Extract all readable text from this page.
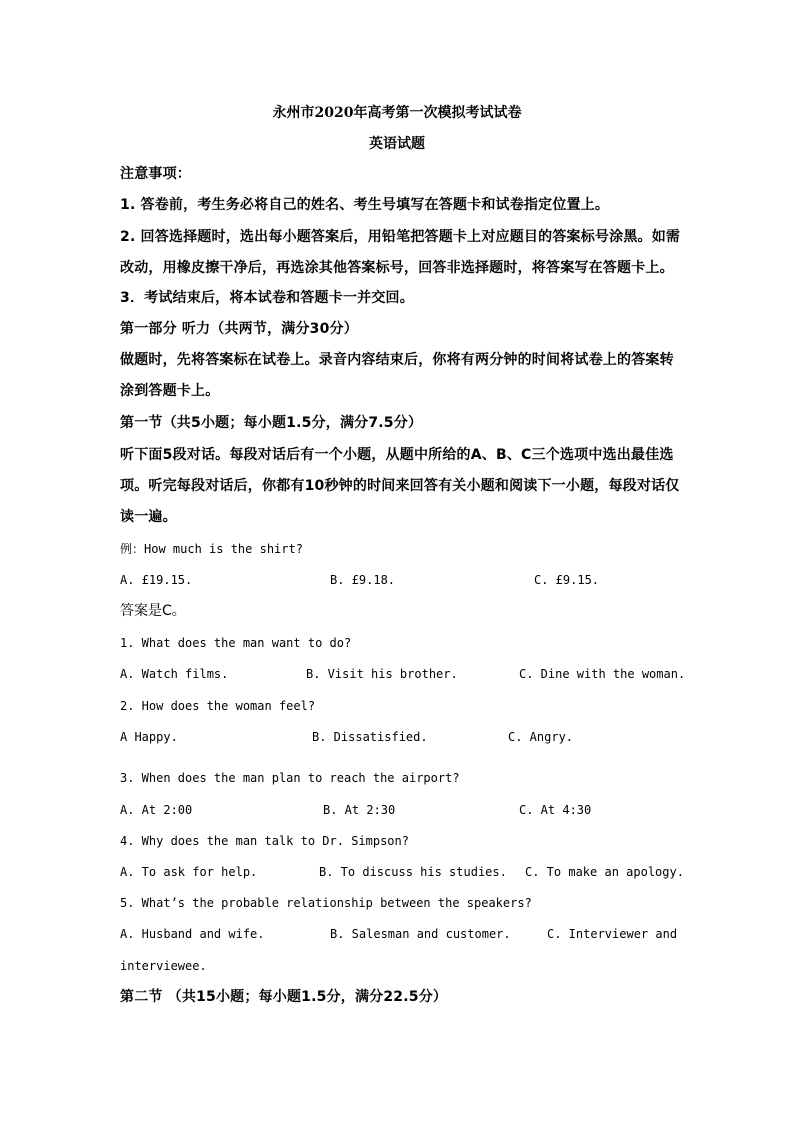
永州市2020年高考第一次模拟考试试卷
英语试题
注意事项：
1. 答卷前，考生务必将自己的姓名、考生号填写在答题卡和试卷指定位置上。
2. 回答选择题时，选出每小题答案后，用铅笔把答题卡上对应题目的答案标号涂黑。如需
改动，用橡皮擦干净后，再选涂其他答案标号，回答非选择题时，将答案写在答题卡上。
3．考试结束后，将本试卷和答题卡一并交回。
第一部分 听力（共两节，满分30分）
做题时，先将答案标在试卷上。录音内容结束后，你将有两分钟的时间将试卷上的答案转
涂到答题卡上。
第一节（共5小题；每小题1.5分，满分7.5分）
听下面5段对话。每段对话后有一个小题，从题中所给的A、B、C三个选项中选出最佳选
项。听完每段对话后，你都有10秒钟的时间来回答有关小题和阅读下一小题，每段对话仅
读一遍。
例：How much is the shirt?
A. £19.15.	B. £9.18.	C. £9.15.
答案是C。
1. What does the man want to do?
A. Watch films.	B. Visit his brother.	C. Dine with the woman.
2. How does the woman feel?
A Happy.	B. Dissatisfied.	C. Angry.
3. When does the man plan to reach the airport?
A. At 2:00	B. At 2:30	C. At 4:30
4. Why does the man talk to Dr. Simpson?
A. To ask for help.	B. To discuss his studies. C. To make an apology.
5. What’s the probable relationship between the speakers?
A. Husband and wife.	B. Salesman and customer.	C. Interviewer and
interviewee.
第二节 （共15小题；每小题1.5分，满分22.5分）
